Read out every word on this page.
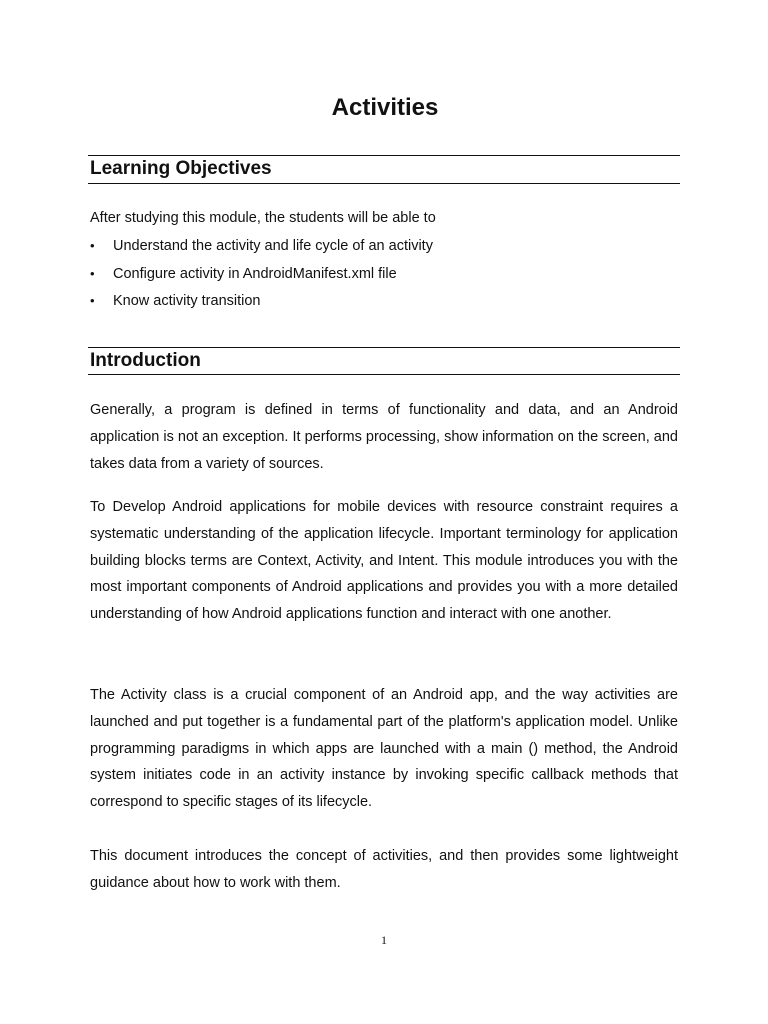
Activities
Learning Objectives

After studying this module, the students will be able to

•	Understand the activity and life cycle of an activity
•	Configure activity in AndroidManifest.xml file
•	Know activity transition
Introduction

Generally, a program is defined in terms of functionality and data, and an Android application is not an exception. It performs processing, show information on the screen, and takes data from a variety of sources.

To Develop Android applications for mobile devices with resource constraint requires a systematic understanding of the application lifecycle. Important terminology for application building blocks terms are Context, Activity, and Intent. This module introduces you with the most important components of Android applications and provides you with a more detailed understanding of how Android applications function and interact with one another.

The Activity class is a crucial component of an Android app, and the way activities are launched and put together is a fundamental part of the platform's application model. Unlike programming paradigms in which apps are launched with a main () method, the Android system initiates code in an activity instance by invoking specific callback methods that correspond to specific stages of its lifecycle.

This document introduces the concept of activities, and then provides some lightweight guidance about how to work with them.

1
